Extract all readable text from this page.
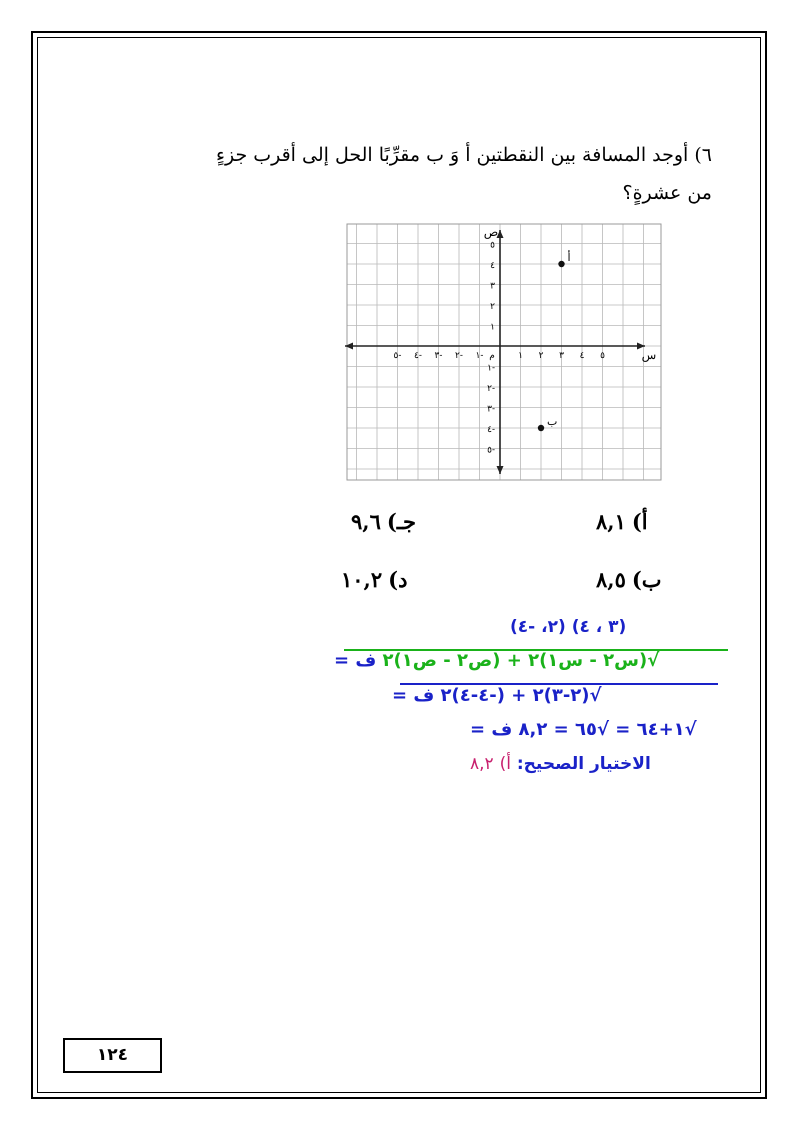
٦) أوجد المسافة بين النقطتين أ وَ ب مقرِّبًا الحل إلى أقرب جزءٍ
من عشرةٍ؟
ص
س
م
٥- ٤- ٣- ٢- ١-	١ ٢ ٣ ٤ ٥
٥
٤
٣
٢
١
١-
٢-
٣-
٤-
٥-
أ
ب
أ)٨,١
جـ)٩,٦
ب)٨,٥
د)١٠,٢
(٣ ، ٤) (٢، -٤)
√(س٢ - س١)٢ + (ص٢ - ص١)٢ ف =
√(٢-٣)٢ + (-٤-٤)٢ ف =
√١+٦٤ = √٦٥ = ٨,٢ ف =
الاختيار الصحيح: أ) ٨,٢
١٢٤
